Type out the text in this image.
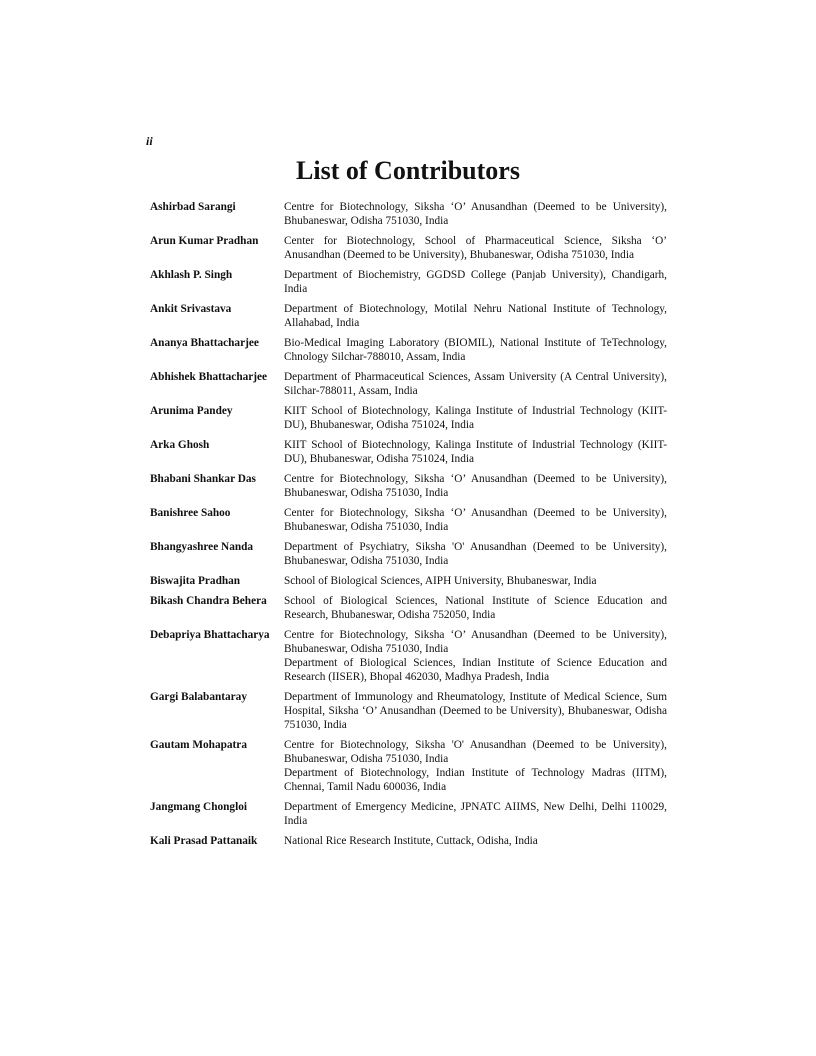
ii
List of Contributors
Ashirbad Sarangi	Centre for Biotechnology, Siksha ‘O’ Anusandhan (Deemed to be University), Bhubaneswar, Odisha 751030, India
Arun Kumar Pradhan	Center for Biotechnology, School of Pharmaceutical Science, Siksha ‘O’ Anusandhan (Deemed to be University), Bhubaneswar, Odisha 751030, India
Akhlash P. Singh	Department of Biochemistry, GGDSD College (Panjab University), Chandigarh, India
Ankit Srivastava	Department of Biotechnology, Motilal Nehru National Institute of Technology, Allahabad, India
Ananya Bhattacharjee	Bio-Medical Imaging Laboratory (BIOMIL), National Institute of TeTechnology, Chnology Silchar-788010, Assam, India
Abhishek Bhattacharjee	Department of Pharmaceutical Sciences, Assam University (A Central University), Silchar-788011, Assam, India
Arunima Pandey	KIIT School of Biotechnology, Kalinga Institute of Industrial Technology (KIIT-DU), Bhubaneswar, Odisha 751024, India
Arka Ghosh	KIIT School of Biotechnology, Kalinga Institute of Industrial Technology (KIIT-DU), Bhubaneswar, Odisha 751024, India
Bhabani Shankar Das	Centre for Biotechnology, Siksha ‘O’ Anusandhan (Deemed to be University), Bhubaneswar, Odisha 751030, India
Banishree Sahoo	Center for Biotechnology, Siksha ‘O’ Anusandhan (Deemed to be University), Bhubaneswar, Odisha 751030, India
Bhangyashree Nanda	Department of Psychiatry, Siksha 'O' Anusandhan (Deemed to be University), Bhubaneswar, Odisha 751030, India
Biswajita Pradhan	School of Biological Sciences, AIPH University, Bhubaneswar, India
Bikash Chandra Behera	School of Biological Sciences, National Institute of Science Education and Research, Bhubaneswar, Odisha 752050, India
Debapriya Bhattacharya	Centre for Biotechnology, Siksha ‘O’ Anusandhan (Deemed to be University), Bhubaneswar, Odisha 751030, India
Department of Biological Sciences, Indian Institute of Science Education and Research (IISER), Bhopal 462030, Madhya Pradesh, India
Gargi Balabantaray	Department of Immunology and Rheumatology, Institute of Medical Science, Sum Hospital, Siksha ‘O’ Anusandhan (Deemed to be University), Bhubaneswar, Odisha 751030, India
Gautam Mohapatra	Centre for Biotechnology, Siksha 'O' Anusandhan (Deemed to be University), Bhubaneswar, Odisha 751030, India
Department of Biotechnology, Indian Institute of Technology Madras (IITM), Chennai, Tamil Nadu 600036, India
Jangmang Chongloi	Department of Emergency Medicine, JPNATC AIIMS, New Delhi, Delhi 110029, India
Kali Prasad Pattanaik	National Rice Research Institute, Cuttack, Odisha, India
